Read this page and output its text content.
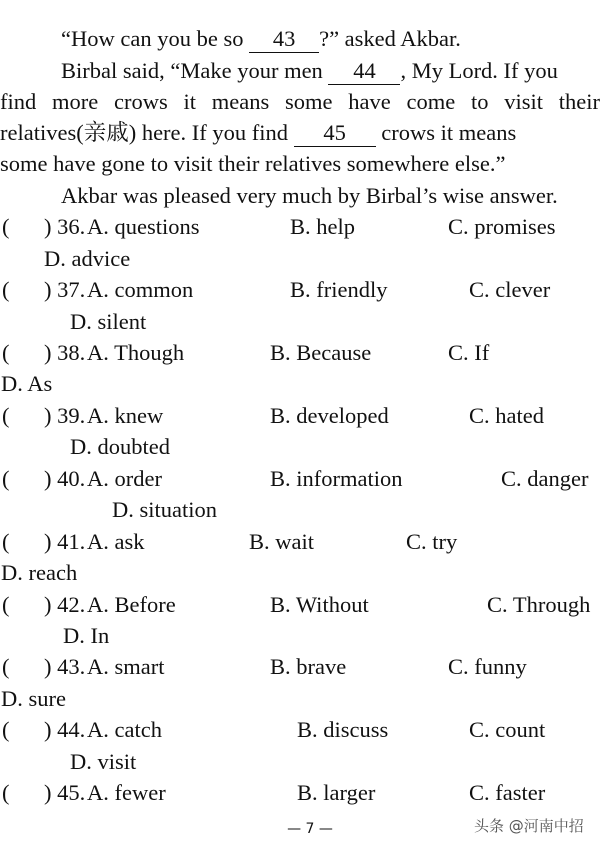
“How can you be so 43 ?” asked Akbar.
Birbal said, “Make your men 44 , My Lord. If you
find more crows it means some have come to visit their
relatives(亲戚) here. If you find 45 crows it means
some have gone to visit their relatives somewhere else.”
Akbar was pleased very much by Birbal’s wise answer.
( ) 36. A. questions	B. help	C. promises
D. advice
( ) 37. A. common	B. friendly	C. clever
D. silent
( ) 38. A. Though	B. Because	C. If
D. As
( ) 39. A. knew	B. developed	C. hated
D. doubted
( ) 40. A. order	B. information	C. danger
D. situation
( ) 41. A. ask	B. wait	C. try
D. reach
( ) 42. A. Before	B. Without	C. Through
D. In
( ) 43. A. smart	B. brave	C. funny
D. sure
( ) 44. A. catch	B. discuss	C. count
D. visit
( ) 45. A. fewer	B. larger	C. faster
— 7 —	头条 @河南中招
